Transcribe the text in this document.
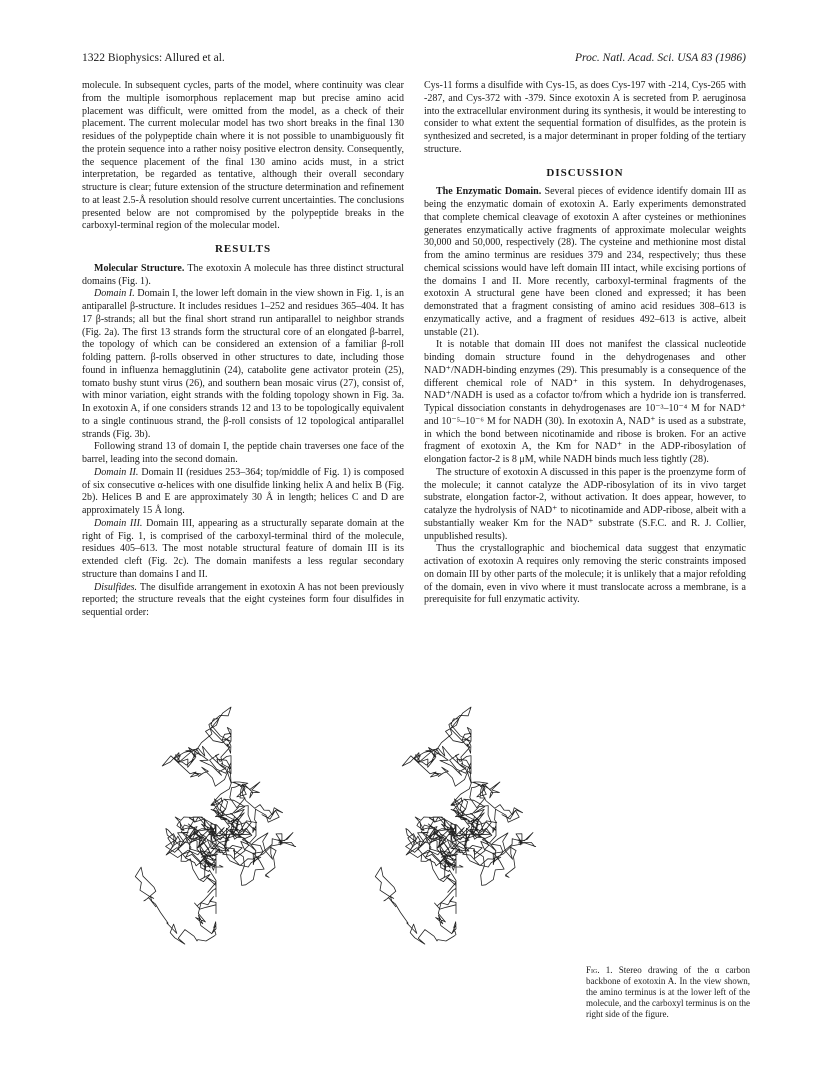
1322 Biophysics: Allured et al.	Proc. Natl. Acad. Sci. USA 83 (1986)

molecule. In subsequent cycles, parts of the model, where continuity was clear from the multiple isomorphous replacement map but precise amino acid placement was difficult, were omitted from the model, as a check of their placement. The current molecular model has two short breaks in the final 130 residues of the polypeptide chain where it is not possible to unambiguously fit the protein sequence into a rather noisy positive electron density. Consequently, the sequence placement of the final 130 amino acids must, in a strict interpretation, be regarded as tentative, although their overall secondary structure is clear; future extension of the structure determination and refinement to at least 2.5-Å resolution should resolve current uncertainties. The conclusions presented below are not compromised by the polypeptide breaks in the carboxyl-terminal region of the molecular model.

RESULTS

Molecular Structure. The exotoxin A molecule has three distinct structural domains (Fig. 1).

Domain I. Domain I, the lower left domain in the view shown in Fig. 1, is an antiparallel β-structure. It includes residues 1–252 and residues 365–404. It has 17 β-strands; all but the final short strand run antiparallel to neighbor strands (Fig. 2a). The first 13 strands form the structural core of an elongated β-barrel, the topology of which can be considered an extension of a familiar β-roll folding pattern. β-rolls observed in other structures to date, including those found in influenza hemagglutinin (24), catabolite gene activator protein (25), tomato bushy stunt virus (26), and southern bean mosaic virus (27), consist of, with minor variation, eight strands with the folding topology shown in Fig. 3a. In exotoxin A, if one considers strands 12 and 13 to be topologically equivalent to a single continuous strand, the β-roll consists of 12 topological antiparallel strands (Fig. 3b).

Following strand 13 of domain I, the peptide chain traverses one face of the barrel, leading into the second domain.

Domain II. Domain II (residues 253–364; top/middle of Fig. 1) is composed of six consecutive α-helices with one disulfide linking helix A and helix B (Fig. 2b). Helices B and E are approximately 30 Å in length; helices C and D are approximately 15 Å long.

Domain III. Domain III, appearing as a structurally separate domain at the right of Fig. 1, is comprised of the carboxyl-terminal third of the molecule, residues 405–613. The most notable structural feature of domain III is its extended cleft (Fig. 2c). The domain manifests a less regular secondary structure than domains I and II.

Disulfides. The disulfide arrangement in exotoxin A has not been previously reported; the structure reveals that the eight cysteines form four disulfides in sequential order:

Cys-11 forms a disulfide with Cys-15, as does Cys-197 with -214, Cys-265 with -287, and Cys-372 with -379. Since exotoxin A is secreted from P. aeruginosa into the extracellular environment during its synthesis, it would be interesting to consider to what extent the sequential formation of disulfides, as the protein is synthesized and secreted, is a major determinant in proper folding of the tertiary structure.

DISCUSSION

The Enzymatic Domain. Several pieces of evidence identify domain III as being the enzymatic domain of exotoxin A. Early experiments demonstrated that complete chemical cleavage of exotoxin A after cysteines or methionines generates enzymatically active fragments of approximate molecular weights 30,000 and 50,000, respectively (28). The cysteine and methionine most distal from the amino terminus are residues 379 and 234, respectively; thus these chemical scissions would have left domain III intact, while excising portions of the domains I and II. More recently, carboxyl-terminal fragments of the exotoxin A structural gene have been cloned and expressed; it has been demonstrated that a fragment consisting of amino acid residues 308–613 is enzymatically active, and a fragment of residues 492–613 is active, albeit unstable (21).

It is notable that domain III does not manifest the classical nucleotide binding domain structure found in the dehydrogenases and other NAD⁺/NADH-binding enzymes (29). This presumably is a consequence of the different chemical role of NAD⁺ in this system. In dehydrogenases, NAD⁺/NADH is used as a cofactor to/from which a hydride ion is transferred. Typical dissociation constants in dehydrogenases are 10⁻³–10⁻⁴ M for NAD⁺ and 10⁻⁵–10⁻⁶ M for NADH (30). In exotoxin A, NAD⁺ is used as a substrate, in which the bond between nicotinamide and ribose is broken. For an active fragment of exotoxin A, the Km for NAD⁺ in the ADP-ribosylation of elongation factor-2 is 8 μM, while NADH binds much less tightly (28).

The structure of exotoxin A discussed in this paper is the proenzyme form of the molecule; it cannot catalyze the ADP-ribosylation of its in vivo target substrate, elongation factor-2, without activation. It does appear, however, to catalyze the hydrolysis of NAD⁺ to nicotinamide and ADP-ribose, albeit with a substantially weaker Km for the NAD⁺ substrate (S.F.C. and R. J. Collier, unpublished results).

Thus the crystallographic and biochemical data suggest that enzymatic activation of exotoxin A requires only removing the steric constraints imposed on domain III by other parts of the molecule; it is unlikely that a major refolding of the domain, even in vivo where it must translocate across a membrane, is a prerequisite for full enzymatic activity.

Fig. 1. Stereo drawing of the α carbon backbone of exotoxin A. In the view shown, the amino terminus is at the lower left of the molecule, and the carboxyl terminus is on the right side of the figure.
